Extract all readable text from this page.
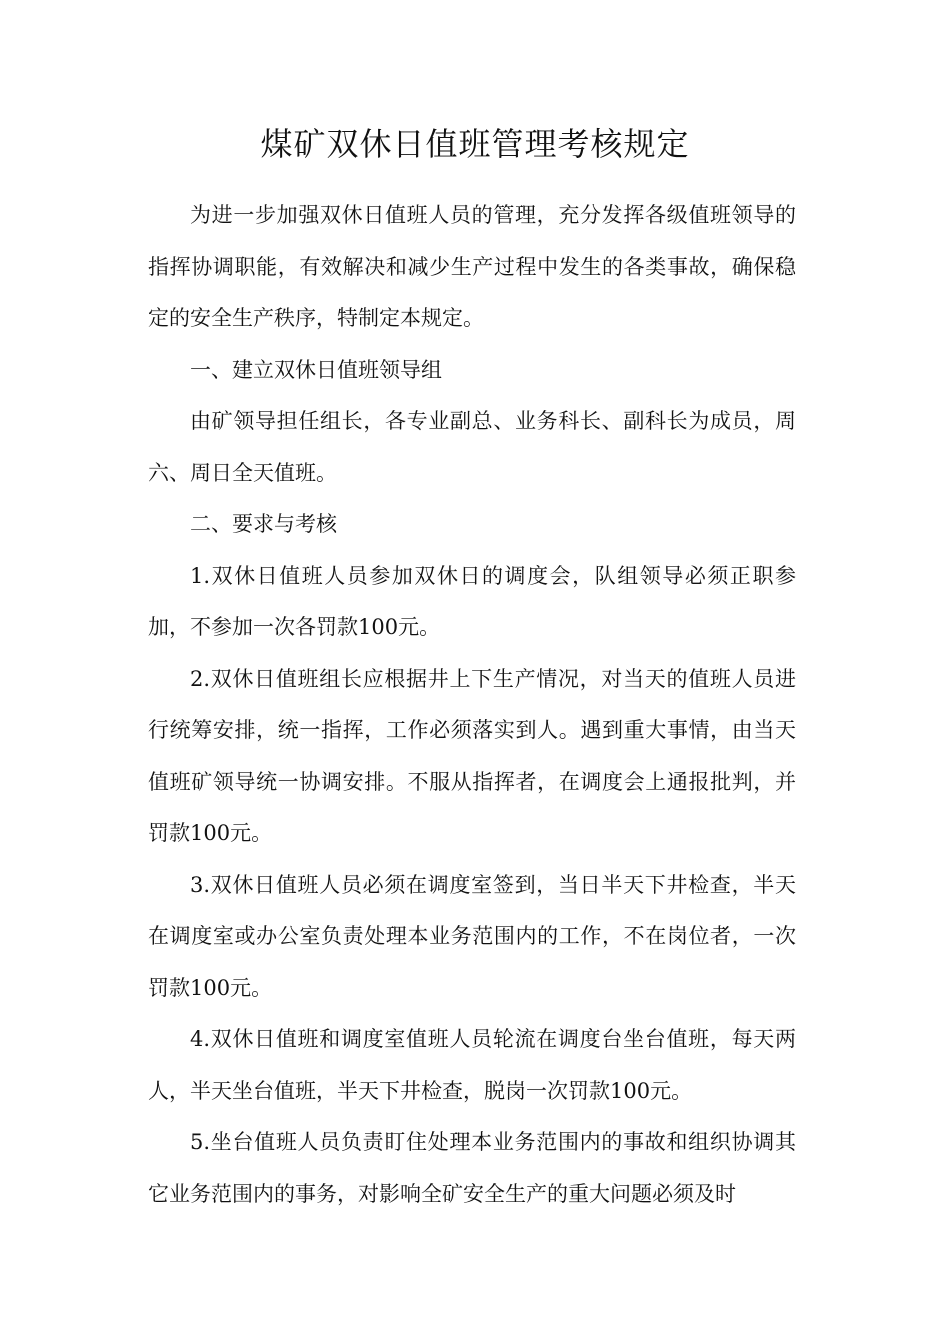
煤矿双休日值班管理考核规定

为进一步加强双休日值班人员的管理，充分发挥各级值班领导的指挥协调职能，有效解决和减少生产过程中发生的各类事故，确保稳定的安全生产秩序，特制定本规定。

一、建立双休日值班领导组

由矿领导担任组长，各专业副总、业务科长、副科长为成员，周六、周日全天值班。

二、要求与考核

1.双休日值班人员参加双休日的调度会，队组领导必须正职参加，不参加一次各罚款100元。

2.双休日值班组长应根据井上下生产情况，对当天的值班人员进行统筹安排，统一指挥，工作必须落实到人。遇到重大事情，由当天值班矿领导统一协调安排。不服从指挥者，在调度会上通报批判，并罚款100元。

3.双休日值班人员必须在调度室签到，当日半天下井检查，半天在调度室或办公室负责处理本业务范围内的工作，不在岗位者，一次罚款100元。

4.双休日值班和调度室值班人员轮流在调度台坐台值班，每天两人，半天坐台值班，半天下井检查，脱岗一次罚款100元。

5.坐台值班人员负责盯住处理本业务范围内的事故和组织协调其它业务范围内的事务，对影响全矿安全生产的重大问题必须及时
